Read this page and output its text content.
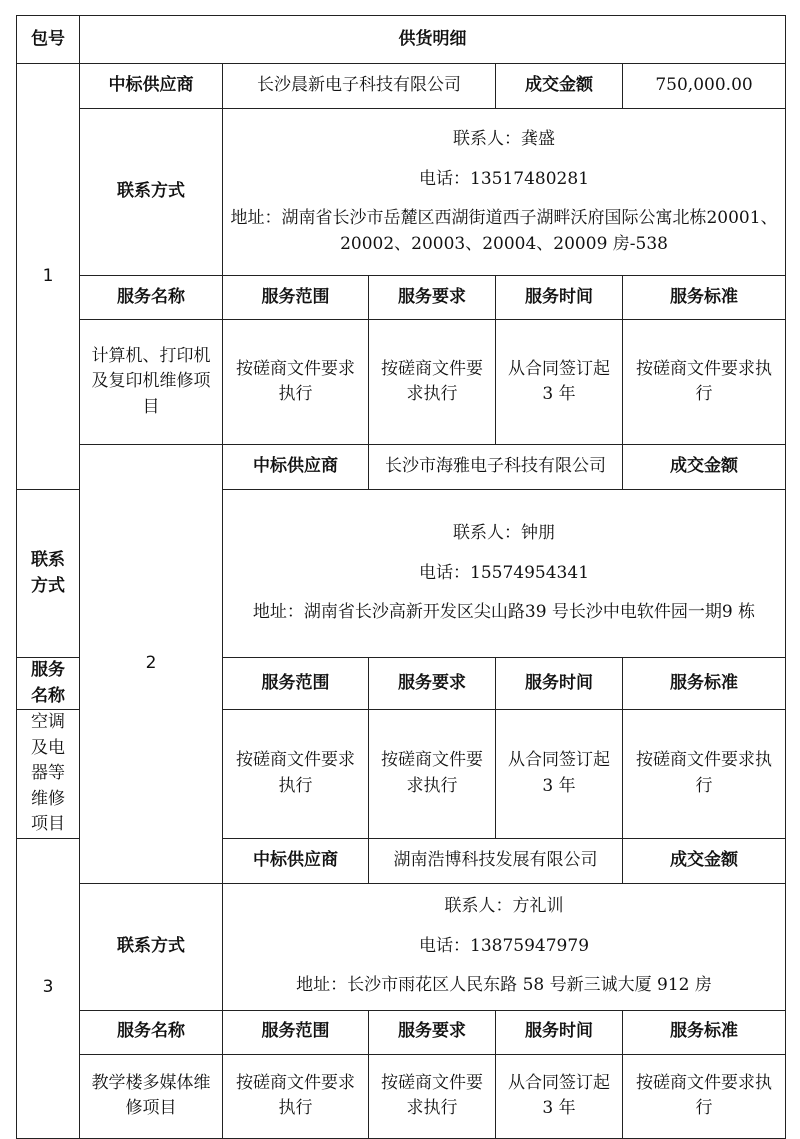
包号	供货明细					
1	中标供应商	长沙晨新电子科技有限公司		成交金额	750,000.00	
	联系方式	联系人：龚盛
电话：13517480281
地址：湖南省长沙市岳麓区西湖街道西子湖畔沃府国际公寓北栋20001、20002、20003、20004、20009 房-538				

	服务名称	服务范围	服务要求	服务时间	服务标准	
	计算机、打印机及复印机维修项目	按磋商文件要求执行	按磋商文件要求执行	从合同签订起 3 年	按磋商文件要求执行	
	2	中标供应商	长沙市海雅电子科技有限公司		成交金额	
联系方式		联系人：钟朋
电话：15574954341
地址：湖南省长沙高新开发区尖山路39 号长沙中电软件园一期9 栋				

服务名称		服务范围	服务要求	服务时间	服务标准	
空调及电器等维修项目		按磋商文件要求执行	按磋商文件要求执行	从合同签订起 3 年	按磋商文件要求执行	
3		中标供应商	湖南浩博科技发展有限公司		成交金额	
	联系方式	联系人：方礼训
电话：13875947979
地址：长沙市雨花区人民东路 58 号新三诚大厦 912 房				

	服务名称	服务范围	服务要求	服务时间	服务标准	
	教学楼多媒体维修项目	按磋商文件要求执行	按磋商文件要求执行	从合同签订起 3 年	按磋商文件要求执行	
